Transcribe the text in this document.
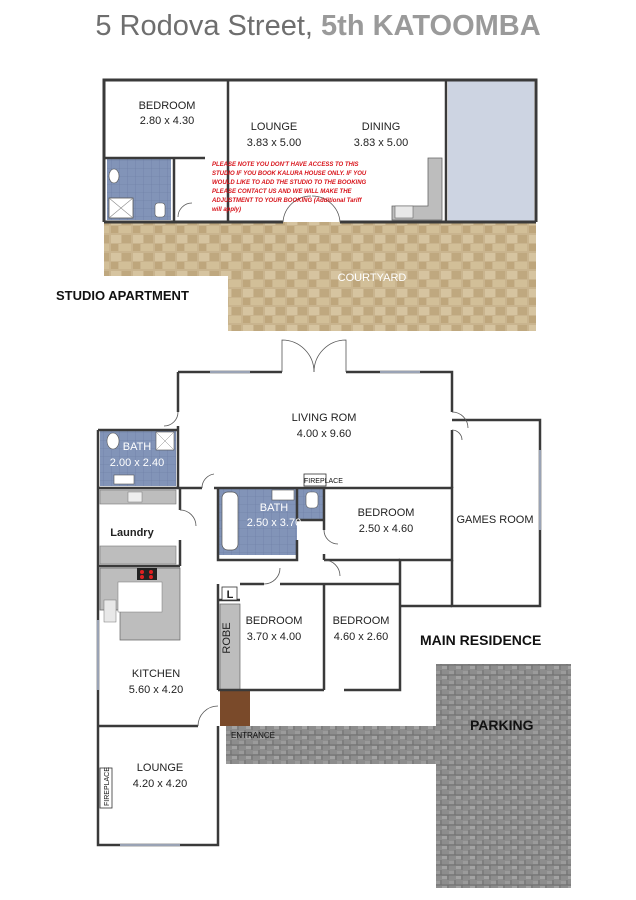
5 Rodova Street, 5th KATOOMBA
BEDROOM
2.80 x 4.30	LOUNGE
3.83 x 5.00
DINING
3.83 x 5.00
PLEASE NOTE YOU DON'T HAVE ACCESS TO THIS
STUDIO IF YOU BOOK KALURA HOUSE ONLY. IF YOU
WOULD LIKE TO ADD THE STUDIO TO THE BOOKING
PLEASE CONTACT US AND WE WILL MAKE THE
ADJUSTMENT TO YOUR BOOKING (Additional Tariff
will apply)
COURTYARD
STUDIO APARTMENT
LIVING ROM
4.00 x 9.60
BATH
2.00 x 2.40
BATH
2.50 x 3.70
FIREPLACE
BEDROOM
2.50 x 4.60
GAMES ROOM
Laundry
L
ROBE
BEDROOM
3.70 x 4.00
BEDROOM
4.60 x 2.60
KITCHEN
5.60 x 4.20
LOUNGE
4.20 x 4.20
FIREPLACE
ENTRANCE
MAIN RESIDENCE
PARKING
